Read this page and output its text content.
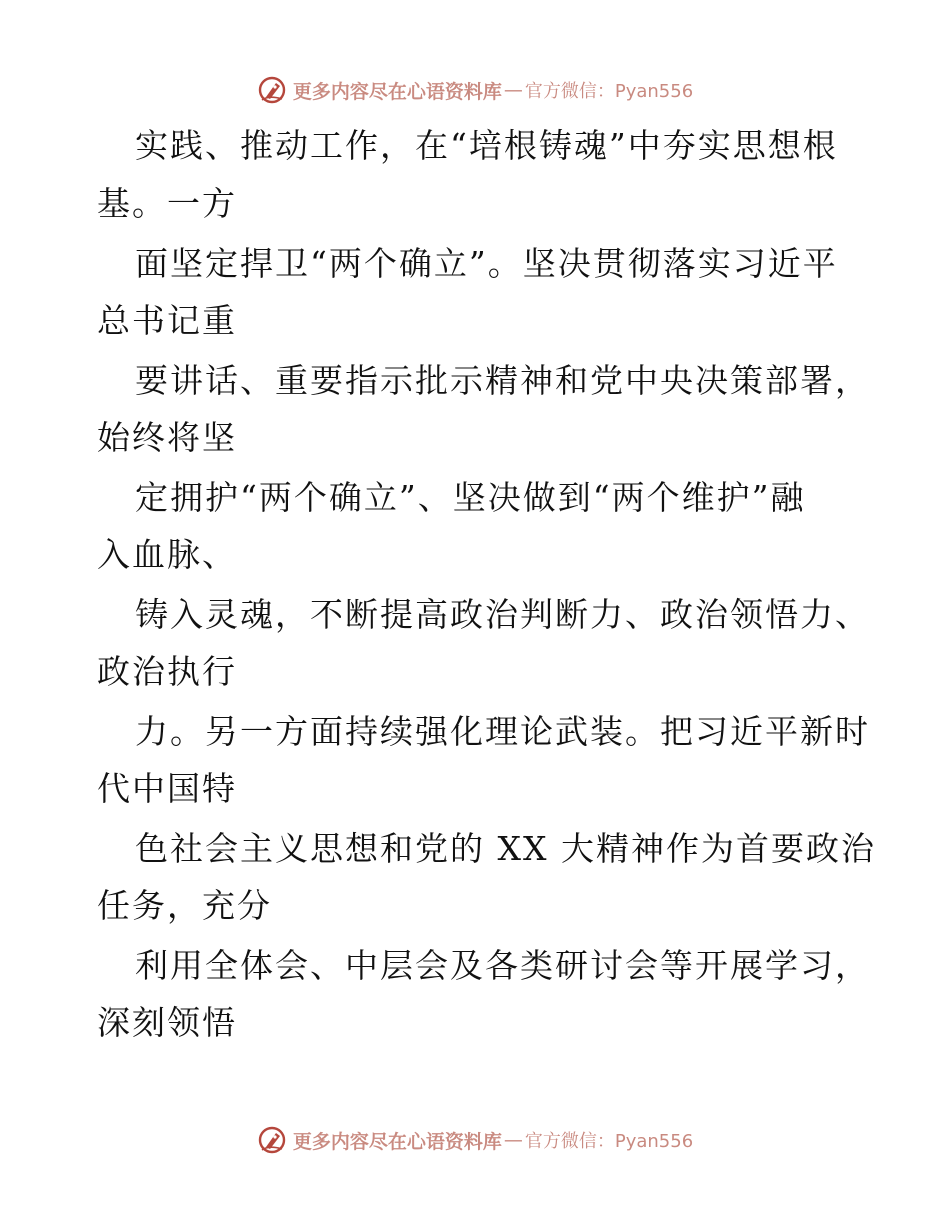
更多内容尽在心语资料库 — 官方微信：Pyan556
实践、推动工作，在“培根铸魂”中夯实思想根
基。一方
面坚定捍卫“两个确立”。坚决贯彻落实习近平
总书记重
要讲话、重要指示批示精神和党中央决策部署，
始终将坚
定拥护“两个确立”、坚决做到“两个维护”融
入血脉、
铸入灵魂，不断提高政治判断力、政治领悟力、
政治执行
力。另一方面持续强化理论武装。把习近平新时
代中国特
色社会主义思想和党的 XX 大精神作为首要政治
任务，充分
利用全体会、中层会及各类研讨会等开展学习，
深刻领悟
更多内容尽在心语资料库 — 官方微信：Pyan556
